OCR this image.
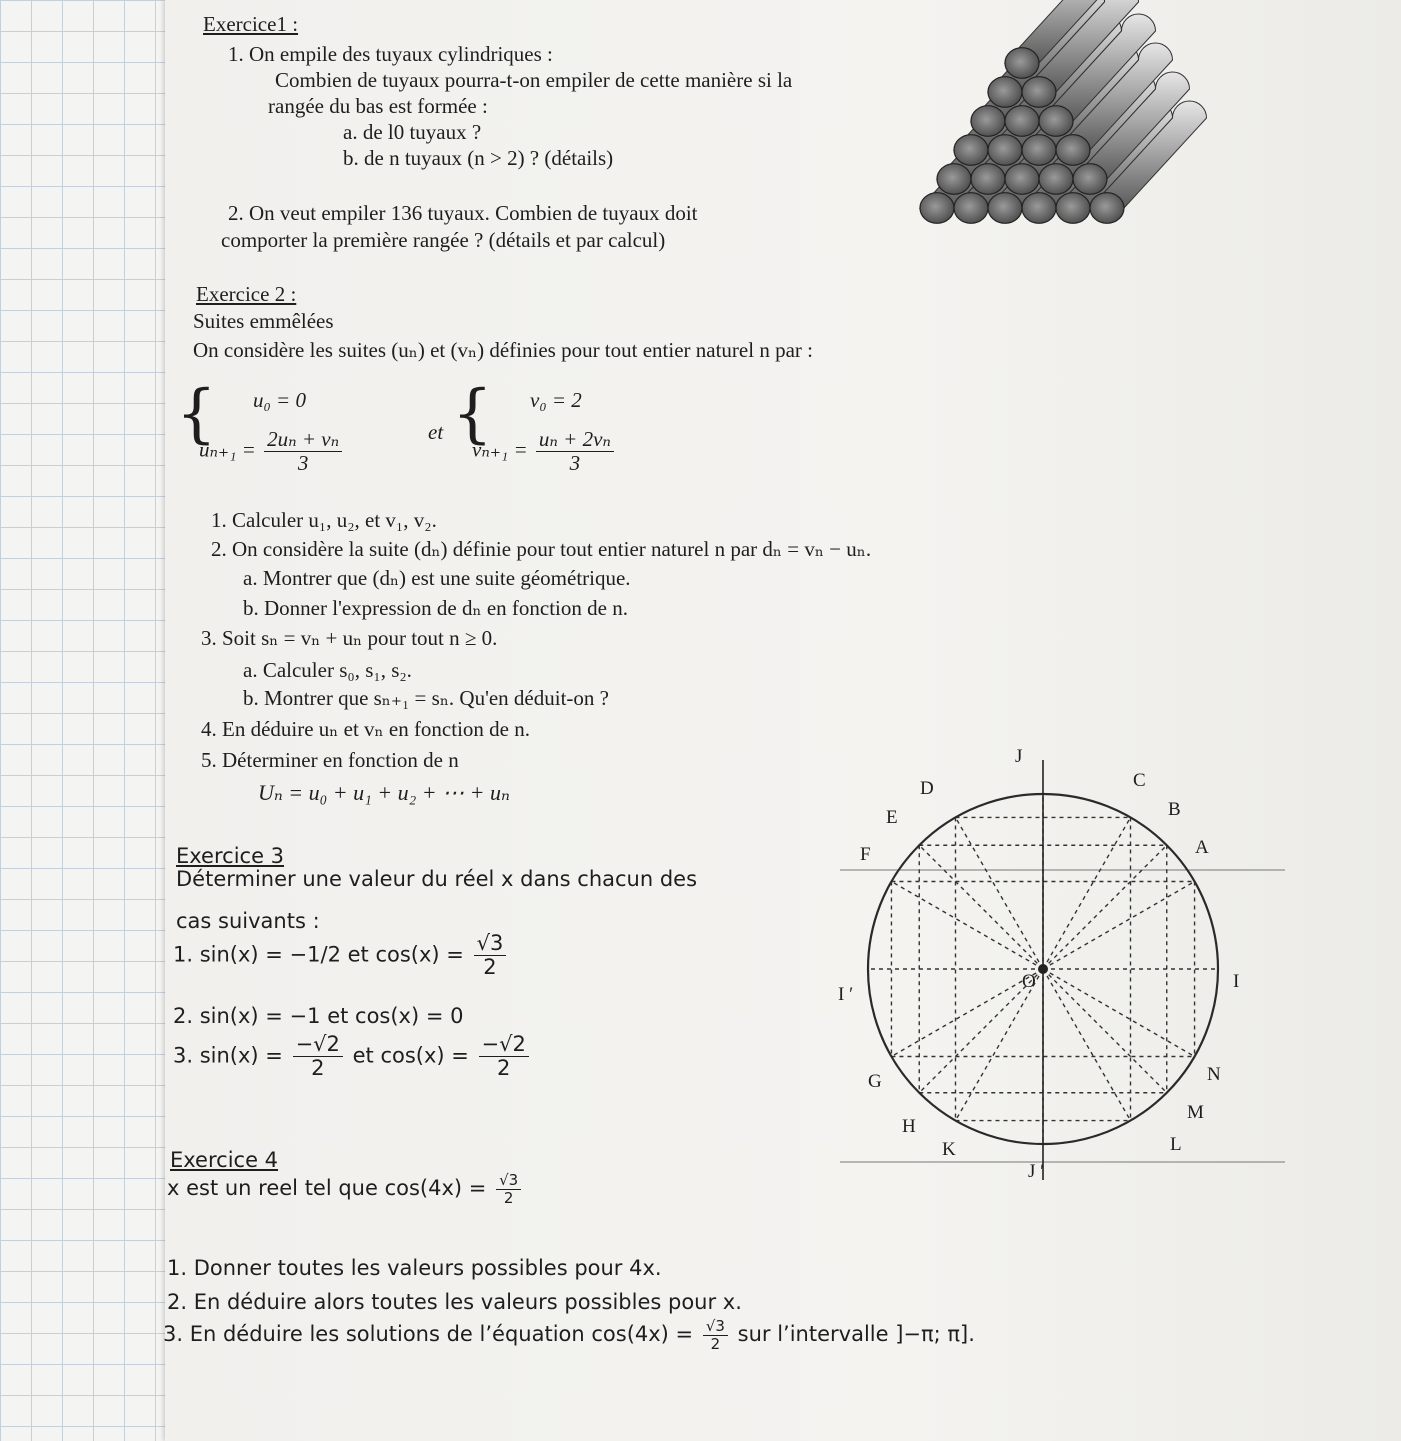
Exercice1 :
1. On empile des tuyaux cylindriques :
Combien de tuyaux pourra-t-on empiler de cette manière si la
rangée du bas est formée :
a. de l0 tuyaux ?
b. de n tuyaux (n > 2) ? (détails)
2. On veut empiler 136 tuyaux. Combien de tuyaux doit
comporter la première rangée ? (détails et par calcul)
Exercice 2 :
Suites emmêlées
On considère les suites (uₙ) et (vₙ) définies pour tout entier naturel n par :
{ u₀ = 0
$u_{n+1} = \frac{\text{2uₙ + vₙ}}{3}$	et { v₀ = 2
$v_{n+1} = \frac{\text{uₙ + 2vₙ}}{3}$
1. Calculer u₁, u₂, et v₁, v₂.
2. On considère la suite (dₙ) définie pour tout entier naturel n par dₙ = vₙ − uₙ.
a. Montrer que (dₙ) est une suite géométrique.
b. Donner l'expression de dₙ en fonction de n.
3. Soit sₙ = vₙ + uₙ pour tout n ≥ 0.
a. Calculer s₀, s₁, s₂.
b. Montrer que sₙ₊₁ = sₙ. Qu'en déduit-on ?
4. En déduire uₙ et vₙ en fonction de n.
5. Déterminer en fonction de n
Uₙ = u₀ + u₁ + u₂ + ⋯ + uₙ
Exercice 3
Déterminer une valeur du réel x dans chacun des
cas suivants :
1. sin(x) = −1/2 et $\cos(x) = \frac{√3}{2}$
2. sin(x) = −1 et cos(x) = 0
3. $\sin(x) = \frac{-√2}{2}$ et $\cos(x) = \frac{-√2}{2}$
J
C
D
B
E
A
F
O	I
I ′
N
G
M
H
L
K
J ′
Exercice 4
x est un reel tel que $\cos(4x) = \frac{√3}{2}$
1. Donner toutes les valeurs possibles pour 4x.
2. En déduire alors toutes les valeurs possibles pour x.
3. En déduire les solutions de l’équation $\cos(4x) = \frac{√3}{2}$ sur l’intervalle ]−π; π].
